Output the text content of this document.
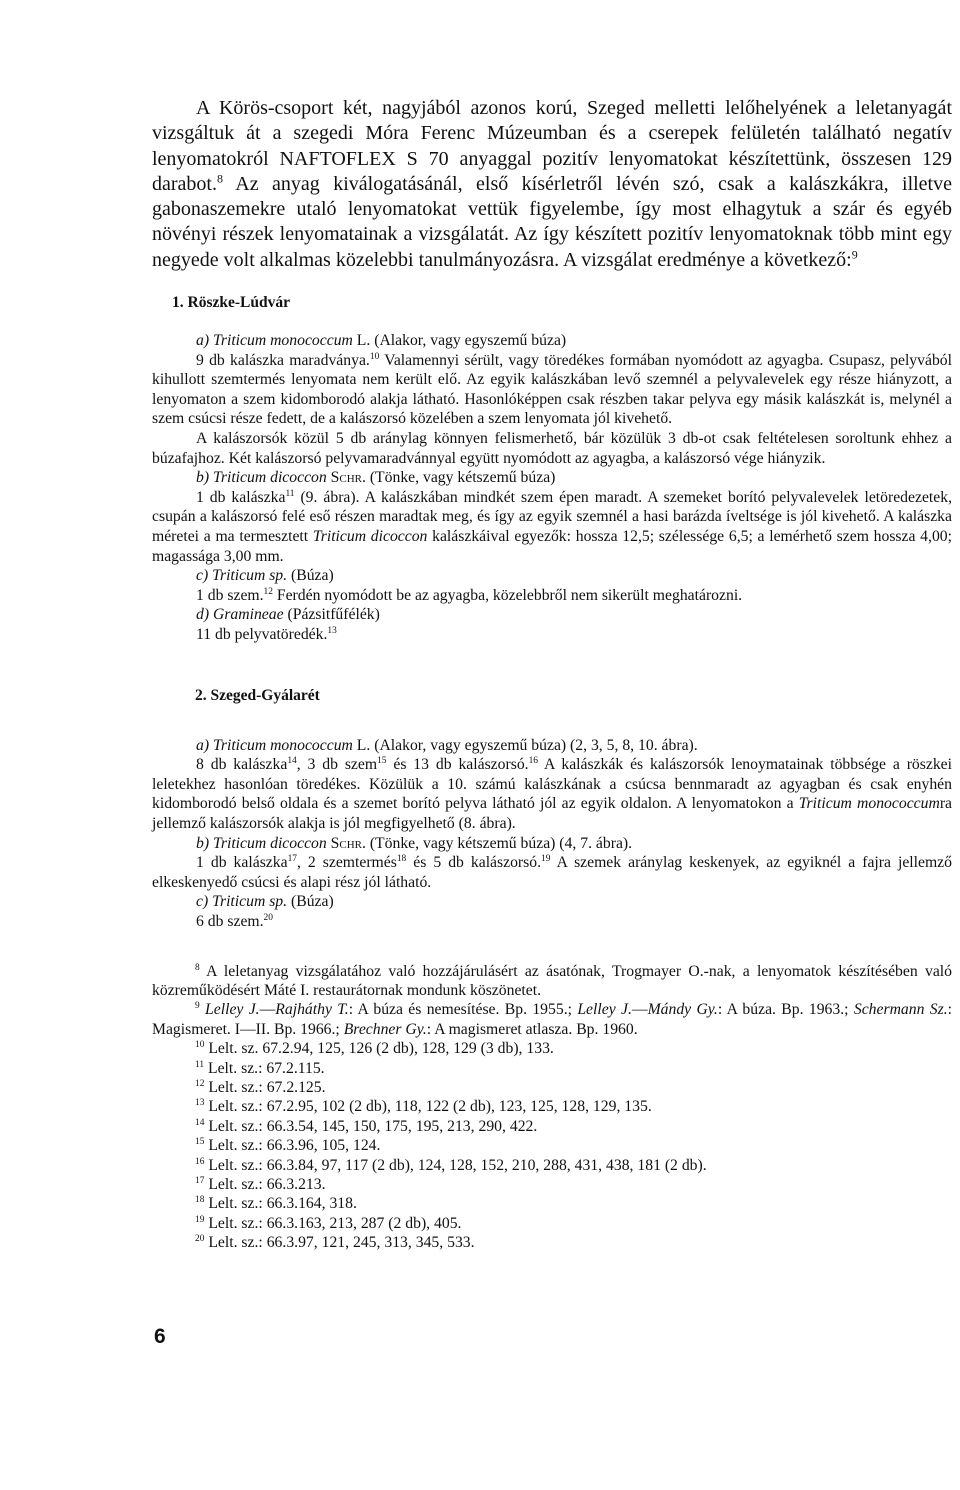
A Körös-csoport két, nagyjából azonos korú, Szeged melletti lelőhelyének a leletanyagát vizsgáltuk át a szegedi Móra Ferenc Múzeumban és a cserepek felületén található negatív lenyomatokról NAFTOFLEX S 70 anyaggal pozitív lenyomatokat készítettünk, összesen 129 darabot.$^8$ Az anyag kiválogatásánál, első kísérletről lévén szó, csak a kalászkákra, illetve gabonaszemekre utaló lenyomatokat vettük figyelembe, így most elhagytuk a szár és egyéb növényi részek lenyomatainak a vizsgálatát. Az így készített pozitív lenyomatoknak több mint egy negyede volt alkalmas közelebbi tanulmányozásra. A vizsgálat eredménye a következő:$^9$

1. Röszke-Lúdvár

a) Triticum monococcum L. (Alakor, vagy egyszemű búza)

9 db kalászka maradványa.$^{10}$ Valamennyi sérült, vagy töredékes formában nyomódott az agyagba. Csupasz, pelyvából kihullott szemtermés lenyomata nem került elő. Az egyik kalászkában levő szemnél a pelyvalevelek egy része hiányzott, a lenyomaton a szem kidomborodó alakja látható. Hasonlóképpen csak részben takar pelyva egy másik kalászkát is, melynél a szem csúcsi része fedett, de a kalászorsó közelében a szem lenyomata jól kivehető.

A kalászorsók közül 5 db aránylag könnyen felismerhető, bár közülük 3 db-ot csak feltételesen soroltunk ehhez a búzafajhoz. Két kalászorsó pelyvamaradvánnyal együtt nyomódott az agyagba, a kalászorsó vége hiányzik.

b) Triticum dicoccon Schr. (Tönke, vagy kétszemű búza)

1 db kalászka$^{11}$ (9. ábra). A kalászkában mindkét szem épen maradt. A szemeket borító pelyvalevelek letöredezetek, csupán a kalászorsó felé eső részen maradtak meg, és így az egyik szemnél a hasi barázda íveltsége is jól kivehető. A kalászka méretei a ma termesztett Triticum dicoccon kalászkáival egyezők: hossza 12,5; szélessége 6,5; a lemérhető szem hossza 4,00; magassága 3,00 mm.

c) Triticum sp. (Búza)

1 db szem.$^{12}$ Ferdén nyomódott be az agyagba, közelebbről nem sikerült meghatározni.

d) Gramineae (Pázsitfűfélék)

11 db pelyvatöredék.$^{13}$

2. Szeged-Gyálarét

a) Triticum monococcum L. (Alakor, vagy egyszemű búza) (2, 3, 5, 8, 10. ábra).

8 db kalászka$^{14}$, 3 db szem$^{15}$ és 13 db kalászorsó.$^{16}$ A kalászkák és kalászorsók lenoymatainak többsége a röszkei leletekhez hasonlóan töredékes. Közülük a 10. számú kalászkának a csúcsa bennmaradt az agyagban és csak enyhén kidomborodó belső oldala és a szemet borító pelyva látható jól az egyik oldalon. A lenyomatokon a Triticum monococcumra jellemző kalászorsók alakja is jól megfigyelhető (8. ábra).

b) Triticum dicoccon Schr. (Tönke, vagy kétszemű búza) (4, 7. ábra).

1 db kalászka$^{17}$, 2 szemtermés$^{18}$ és 5 db kalászorsó.$^{19}$ A szemek aránylag keskenyek, az egyiknél a fajra jellemző elkeskenyedő csúcsi és alapi rész jól látható.

c) Triticum sp. (Búza)

6 db szem.$^{20}$

$^8$ A leletanyag vizsgálatához való hozzájárulásért az ásatónak, Trogmayer O.-nak, a lenyomatok készítésében való közreműködésért Máté I. restaurátornak mondunk köszönetet.

$^9$ Lelley J.—Rajháthy T.: A búza és nemesítése. Bp. 1955.; Lelley J.—Mándy Gy.: A búza. Bp. 1963.; Schermann Sz.: Magismeret. I—II. Bp. 1966.; Brechner Gy.: A magismeret atlasza. Bp. 1960.

$^{10}$ Lelt. sz. 67.2.94, 125, 126 (2 db), 128, 129 (3 db), 133.

$^{11}$ Lelt. sz.: 67.2.115.

$^{12}$ Lelt. sz.: 67.2.125.

$^{13}$ Lelt. sz.: 67.2.95, 102 (2 db), 118, 122 (2 db), 123, 125, 128, 129, 135.

$^{14}$ Lelt. sz.: 66.3.54, 145, 150, 175, 195, 213, 290, 422.

$^{15}$ Lelt. sz.: 66.3.96, 105, 124.

$^{16}$ Lelt. sz.: 66.3.84, 97, 117 (2 db), 124, 128, 152, 210, 288, 431, 438, 181 (2 db).

$^{17}$ Lelt. sz.: 66.3.213.

$^{18}$ Lelt. sz.: 66.3.164, 318.

$^{19}$ Lelt. sz.: 66.3.163, 213, 287 (2 db), 405.

$^{20}$ Lelt. sz.: 66.3.97, 121, 245, 313, 345, 533.

6
